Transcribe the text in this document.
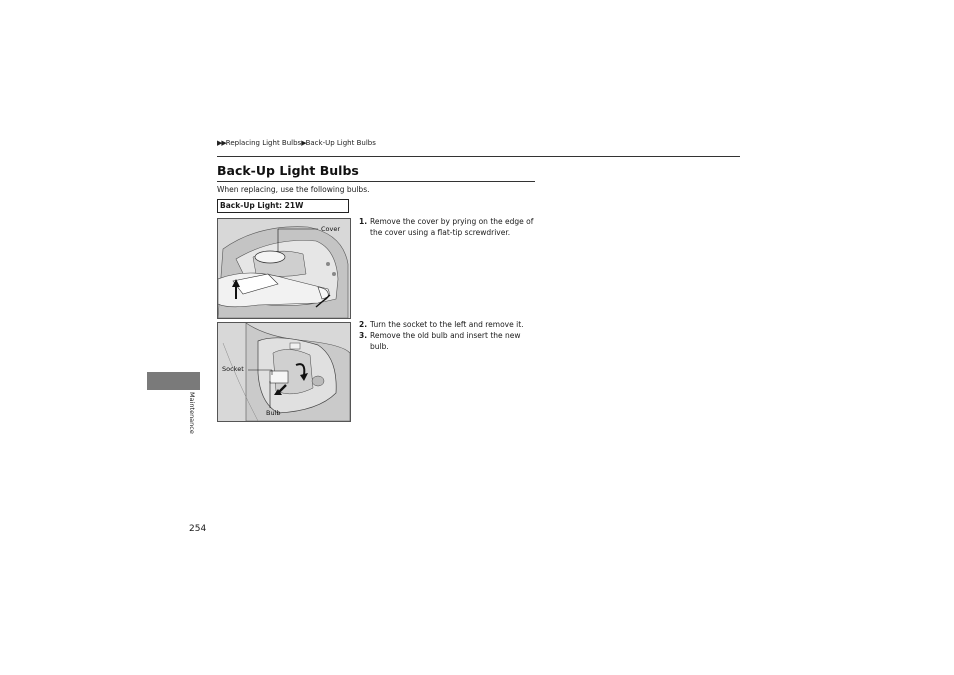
▶▶Replacing Light Bulbs▶Back-Up Light Bulbs
Back-Up Light Bulbs
When replacing, use the following bulbs.
Back-Up Light: 21W
Cover
Socket
Bulb
1. Remove the cover by prying on the edge of
the cover using a flat-tip screwdriver.
2. Turn the socket to the left and remove it.
3. Remove the old bulb and insert the new
bulb.
Maintenance
254
